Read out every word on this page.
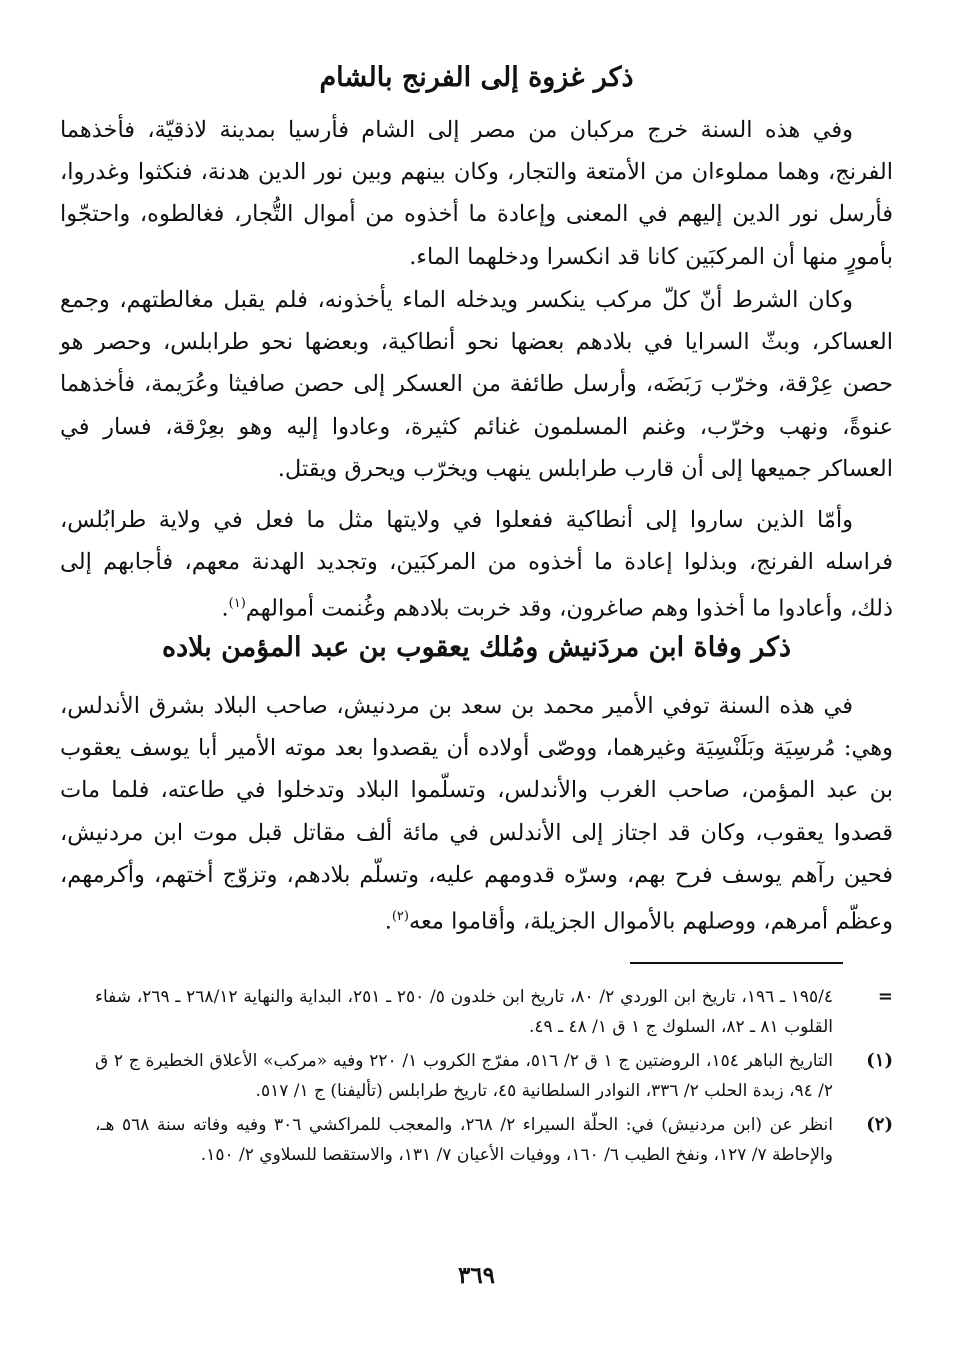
ذكر غزوة إلى الفرنج بالشام

وفي هذه السنة خرج مركبان من مصر إلى الشام فأرسيا بمدينة لاذقيّة، فأخذهما الفرنج، وهما مملوءان من الأمتعة والتجار، وكان بينهم وبين نور الدين هدنة، فنكثوا وغدروا، فأرسل نور الدين إليهم في المعنى وإعادة ما أخذوه من أموال التُّجار، فغالطوه، واحتجّوا بأمورٍ منها أن المركبَين كانا قد انكسرا ودخلهما الماء.

وكان الشرط أنّ كلّ مركب ينكسر ويدخله الماء يأخذونه، فلم يقبل مغالطتهم، وجمع العساكر، وبثّ السرايا في بلادهم بعضها نحو أنطاكية، وبعضها نحو طرابلس، وحصر هو حصن عِرْقة، وخرّب رَبَضَه، وأرسل طائفة من العسكر إلى حصن صافيثا وعُرَيمة، فأخذهما عنوةً، ونهب وخرّب، وغنم المسلمون غنائم كثيرة، وعادوا إليه وهو بعِرْقة، فسار في العساكر جميعها إلى أن قارب طرابلس ينهب ويخرّب ويحرق ويقتل.

وأمّا الذين ساروا إلى أنطاكية ففعلوا في ولايتها مثل ما فعل في ولاية طرابُلس، فراسله الفرنج، وبذلوا إعادة ما أخذوه من المركبَين، وتجديد الهدنة معهم، فأجابهم إلى ذلك، وأعادوا ما أخذوا وهم صاغرون، وقد خربت بلادهم وغُنمت أموالهم$^{(١)}$.

ذكر وفاة ابن مردَنيش ومُلك يعقوب بن عبد المؤمن بلاده

في هذه السنة توفي الأمير محمد بن سعد بن مردنيش، صاحب البلاد بشرق الأندلس، وهي: مُرسِيَة وبَلَنْسِيَة وغيرهما، ووصّى أولاده أن يقصدوا بعد موته الأمير أبا يوسف يعقوب بن عبد المؤمن، صاحب الغرب والأندلس، وتسلّموا البلاد وتدخلوا في طاعته، فلما مات قصدوا يعقوب، وكان قد اجتاز إلى الأندلس في مائة ألف مقاتل قبل موت ابن مردنيش، فحين رآهم يوسف فرح بهم، وسرّه قدومهم عليه، وتسلّم بلادهم، وتزوّج أختهم، وأكرمهم، وعظّم أمرهم، ووصلهم بالأموال الجزيلة، وأقاموا معه$^{(٢)}$.

=
١٩٥/٤ ـ ١٩٦، تاريخ ابن الوردي ٢/ ٨٠، تاريخ ابن خلدون ٥/ ٢٥٠ ـ ٢٥١، البداية والنهاية ٢٦٨/١٢ ـ ٢٦٩، شفاء القلوب ٨١ ـ ٨٢، السلوك ج ١ ق ١/ ٤٨ ـ ٤٩.
(١)
التاريخ الباهر ١٥٤، الروضتين ج ١ ق ٢/ ٥١٦، مفرّج الكروب ١/ ٢٢٠ وفيه «مركب» الأعلاق الخطيرة ج ٢ ق ٢/ ٩٤، زبدة الحلب ٢/ ٣٣٦، النوادر السلطانية ٤٥، تاريخ طرابلس (تأليفنا) ج ١/ ٥١٧.
(٢)
انظر عن (ابن مردنيش) في: الحلّة السيراء ٢/ ٢٦٨، والمعجب للمراكشي ٣٠٦ وفيه وفاته سنة ٥٦٨ هـ، والإحاطة ٧/ ١٢٧، ونفخ الطيب ٦/ ١٦٠، ووفيات الأعيان ٧/ ١٣١، والاستقصا للسلاوي ٢/ ١٥٠.
٣٦٩
